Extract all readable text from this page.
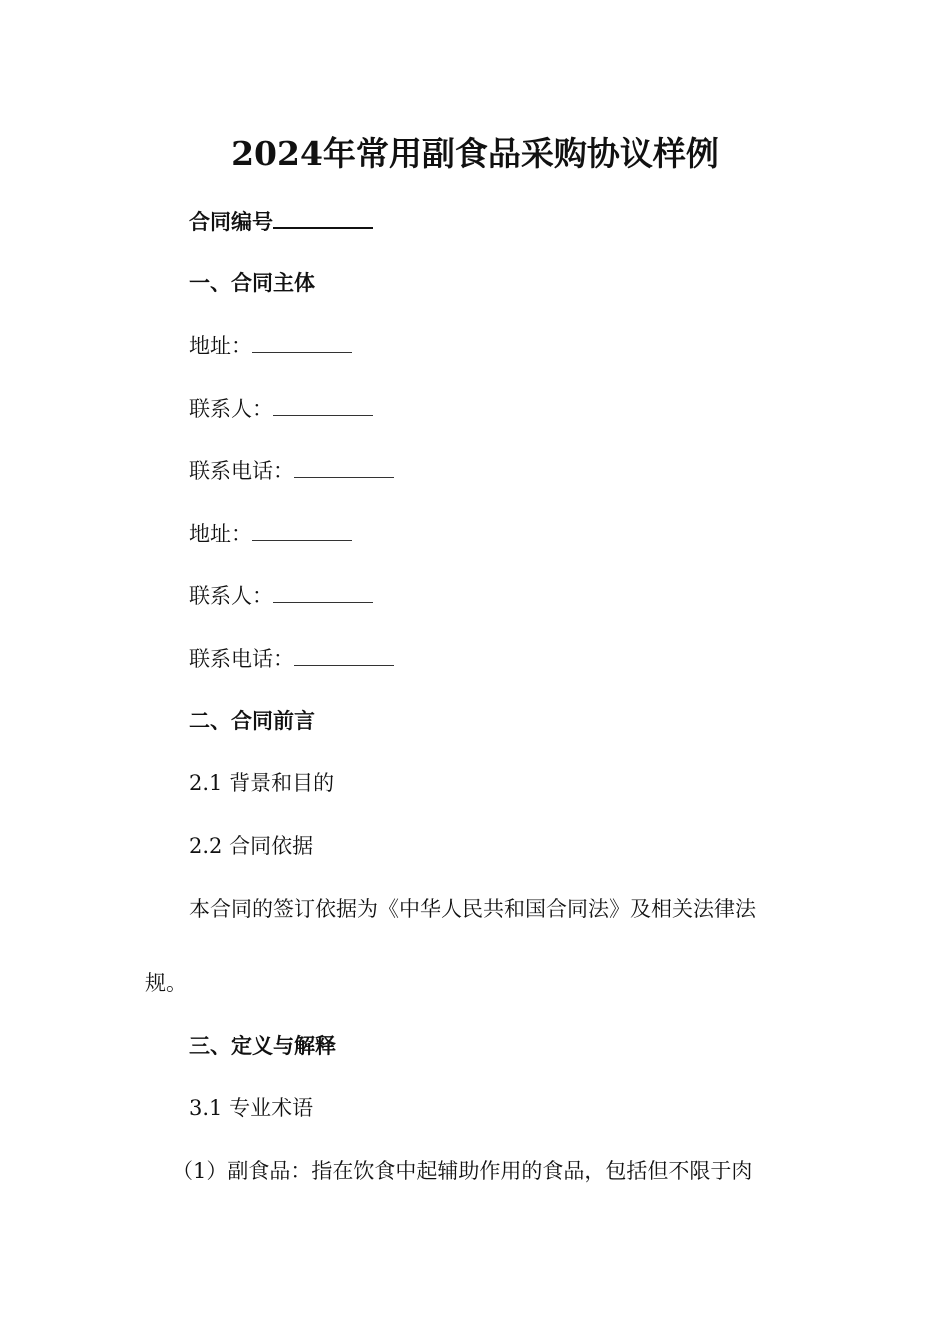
2024年常用副食品采购协议样例
合同编号
一、合同主体
地址：
联系人：
联系电话：
地址：
联系人：
联系电话：
二、合同前言
2.1 背景和目的
2.2 合同依据
本合同的签订依据为《中华人民共和国合同法》及相关法律法
规。
三、定义与解释
3.1 专业术语
（1）副食品：指在饮食中起辅助作用的食品，包括但不限于肉
